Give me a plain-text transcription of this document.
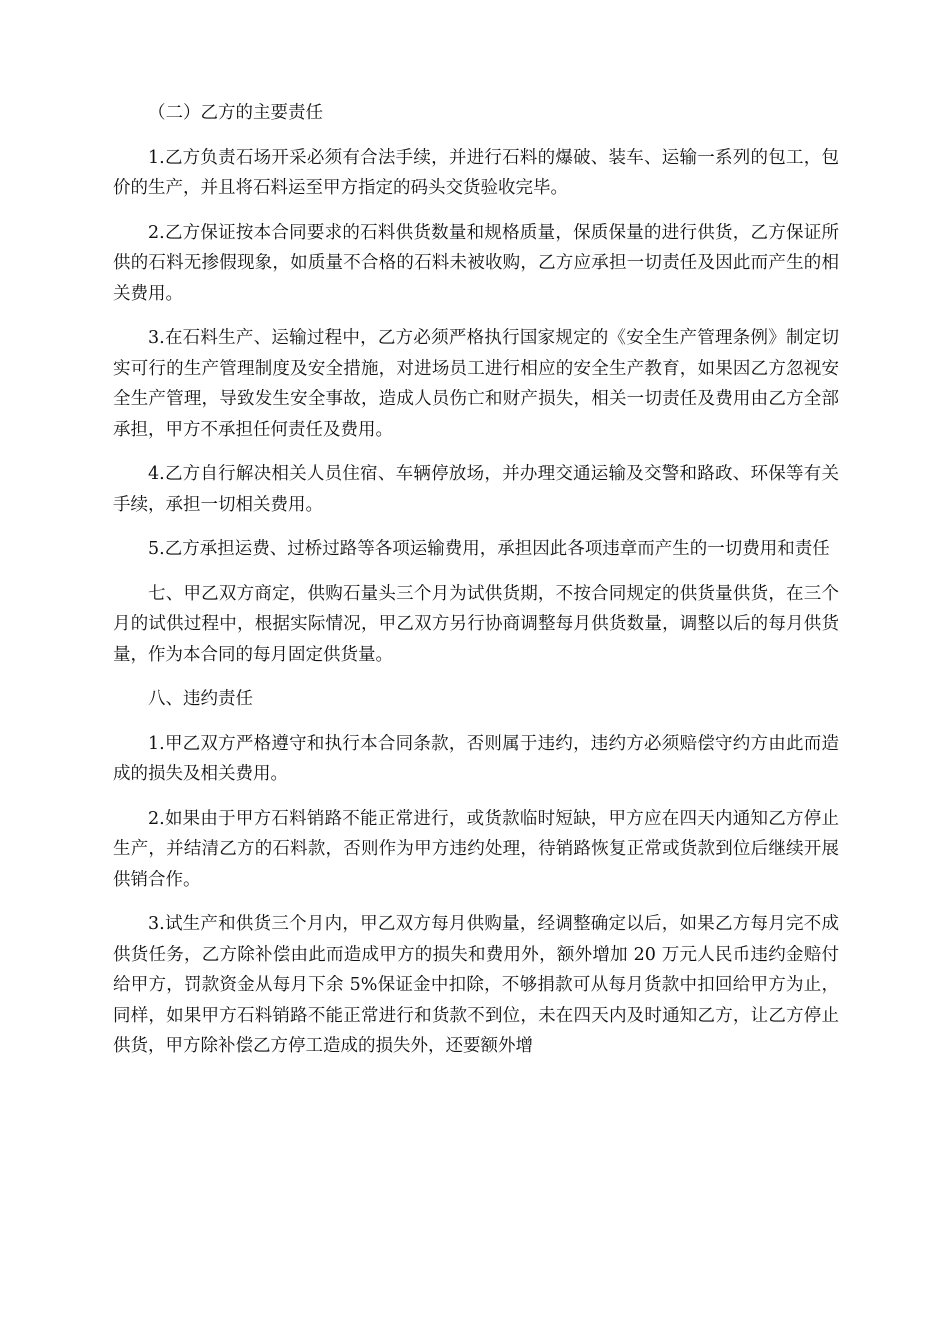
（二）乙方的主要责任

1.乙方负责石场开采必须有合法手续，并进行石料的爆破、装车、运输一系列的包工，包价的生产，并且将石料运至甲方指定的码头交货验收完毕。

2.乙方保证按本合同要求的石料供货数量和规格质量，保质保量的进行供货，乙方保证所供的石料无掺假现象，如质量不合格的石料未被收购，乙方应承担一切责任及因此而产生的相关费用。

3.在石料生产、运输过程中，乙方必须严格执行国家规定的《安全生产管理条例》制定切实可行的生产管理制度及安全措施，对进场员工进行相应的安全生产教育，如果因乙方忽视安全生产管理，导致发生安全事故，造成人员伤亡和财产损失，相关一切责任及费用由乙方全部承担，甲方不承担任何责任及费用。

4.乙方自行解决相关人员住宿、车辆停放场，并办理交通运输及交警和路政、环保等有关手续，承担一切相关费用。

5.乙方承担运费、过桥过路等各项运输费用，承担因此各项违章而产生的一切费用和责任

七、甲乙双方商定，供购石量头三个月为试供货期，不按合同规定的供货量供货，在三个月的试供过程中，根据实际情况，甲乙双方另行协商调整每月供货数量，调整以后的每月供货量，作为本合同的每月固定供货量。

八、违约责任

1.甲乙双方严格遵守和执行本合同条款，否则属于违约，违约方必须赔偿守约方由此而造成的损失及相关费用。

2.如果由于甲方石料销路不能正常进行，或货款临时短缺，甲方应在四天内通知乙方停止生产，并结清乙方的石料款，否则作为甲方违约处理，待销路恢复正常或货款到位后继续开展供销合作。

3.试生产和供货三个月内，甲乙双方每月供购量，经调整确定以后，如果乙方每月完不成供货任务，乙方除补偿由此而造成甲方的损失和费用外，额外增加 20 万元人民币违约金赔付给甲方，罚款资金从每月下余 5%保证金中扣除，不够捐款可从每月货款中扣回给甲方为止，同样，如果甲方石料销路不能正常进行和货款不到位，未在四天内及时通知乙方，让乙方停止供货，甲方除补偿乙方停工造成的损失外，还要额外增
